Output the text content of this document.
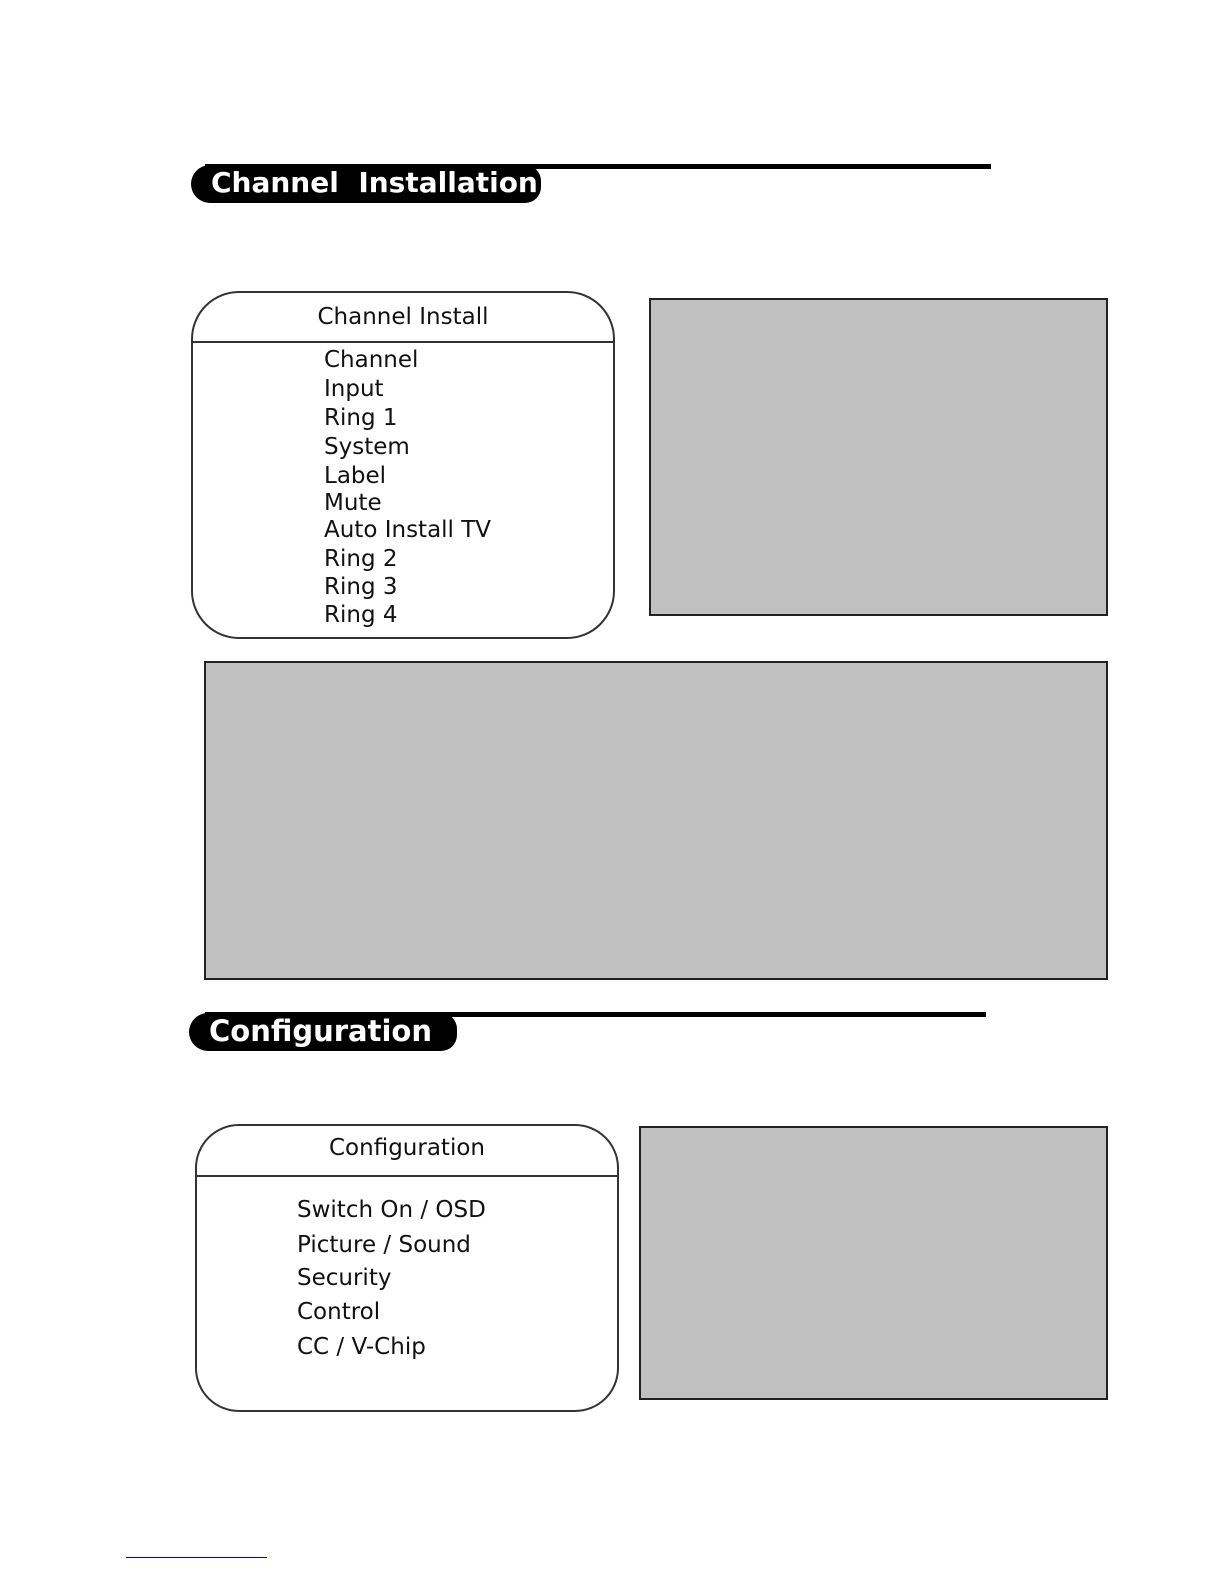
Channel  Installation
Channel Install
Channel
Input
Ring 1
System
Label
Mute
Auto Install TV
Ring 2
Ring 3
Ring 4
Configuration
Configuration
Switch On / OSD
Picture / Sound
Security
Control
CC / V-Chip
